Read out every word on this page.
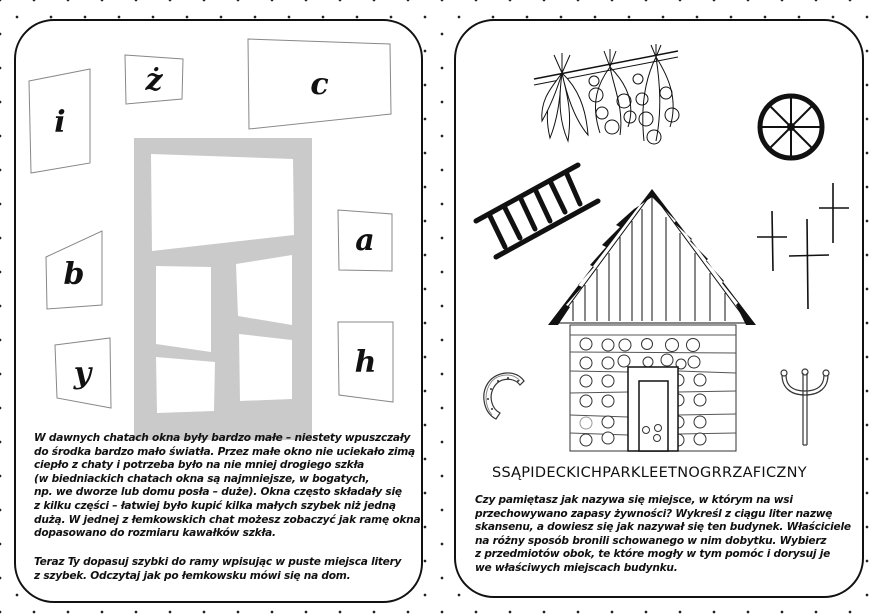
i
ż	c
b
a
y	h
W dawnych chatach okna były bardzo małe – niestety wpuszczały
do środka bardzo mało światła. Przez małe okno nie uciekało zimą
ciepło z chaty i potrzeba było na nie mniej drogiego szkła
(w biedniackich chatach okna są najmniejsze, w bogatych,
np. we dworze lub domu posła – duże). Okna często składały się
z kilku części – łatwiej było kupić kilka małych szybek niż jedną
dużą. W jednej z łemkowskich chat możesz zobaczyć jak ramę okna
dopasowano do rozmiaru kawałków szkła.
Teraz Ty dopasuj szybki do ramy wpisując w puste miejsca litery
z szybek. Odczytaj jak po łemkowsku mówi się na dom.
SSĄPIDECKICHPARKLEETNOGRRZAFICZNY
Czy pamiętasz jak nazywa się miejsce, w którym na wsi
przechowywano zapasy żywności? Wykreśl z ciągu liter nazwę
skansenu, a dowiesz się jak nazywał się ten budynek. Właściciele
na różny sposób bronili schowanego w nim dobytku. Wybierz
z przedmiotów obok, te które mogły w tym pomóc i dorysuj je
we właściwych miejscach budynku.
